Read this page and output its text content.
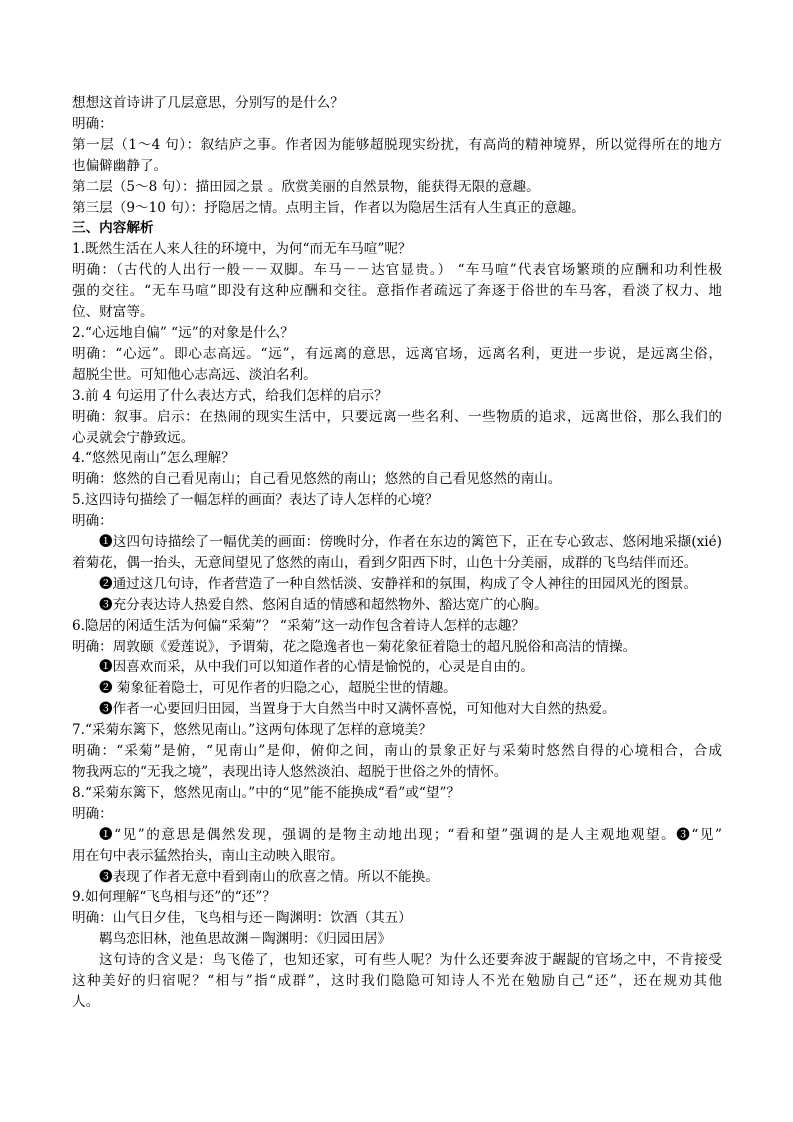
想想这首诗讲了几层意思，分别写的是什么？
明确：
第一层（1～4 句）：叙结庐之事。作者因为能够超脱现实纷扰，有高尚的精神境界，所以觉得所在的地方
也偏僻幽静了。
第二层（5～8 句）：描田园之景 。欣赏美丽的自然景物，能获得无限的意趣。
第三层（9～10 句）：抒隐居之情。点明主旨，作者以为隐居生活有人生真正的意趣。
三、内容解析
1.既然生活在人来人往的环境中，为何“而无车马喧”呢？
明确：（古代的人出行一般－－双脚。车马－－达官显贵。） “车马喧”代表官场繁琐的应酬和功利性极
强的交往。“无车马喧”即没有这种应酬和交往。意指作者疏远了奔逐于俗世的车马客，看淡了权力、地
位、财富等。
2.“心远地自偏” “远”的对象是什么？
明确：“心远”。即心志高远。“远”，有远离的意思，远离官场，远离名利，更进一步说，是远离尘俗，
超脱尘世。可知他心志高远、淡泊名利。
3.前 4 句运用了什么表达方式，给我们怎样的启示？
明确：叙事。启示：在热闹的现实生活中，只要远离一些名利、一些物质的追求，远离世俗，那么我们的
心灵就会宁静致远。
4.“悠然见南山”怎么理解？
明确：悠然的自己看见南山；自己看见悠然的南山；悠然的自己看见悠然的南山。
5.这四诗句描绘了一幅怎样的画面？表达了诗人怎样的心境？
明确：
❶这四句诗描绘了一幅优美的画面：傍晚时分，作者在东边的篱笆下，正在专心致志、悠闲地采撷(xié)
着菊花，偶一抬头，无意间望见了悠然的南山，看到夕阳西下时，山色十分美丽，成群的飞鸟结伴而还。
❷通过这几句诗，作者营造了一种自然恬淡、安静祥和的氛围，构成了令人神往的田园风光的图景。
❸充分表达诗人热爱自然、悠闲自适的情感和超然物外、豁达宽广的心胸。
6.隐居的闲适生活为何偏“采菊”？ “采菊”这一动作包含着诗人怎样的志趣？
明确：周敦颐《爱莲说》，予谓菊，花之隐逸者也－菊花象征着隐士的超凡脱俗和高洁的情操。
❶因喜欢而采，从中我们可以知道作者的心情是愉悦的，心灵是自由的。
❷ 菊象征着隐士，可见作者的归隐之心，超脱尘世的情趣。
❸作者一心要回归田园，当置身于大自然当中时又满怀喜悦，可知他对大自然的热爱。
7.“采菊东篱下，悠然见南山。”这两句体现了怎样的意境美？
明确：“采菊”是俯，“见南山”是仰，俯仰之间，南山的景象正好与采菊时悠然自得的心境相合，合成
物我两忘的“无我之境”，表现出诗人悠然淡泊、超脱于世俗之外的情怀。
8.“采菊东篱下，悠然见南山。”中的“见”能不能换成“看”或“望”？
明确：
❶“见”的意思是偶然发现，强调的是物主动地出现；“看和望”强调的是人主观地观望。❸“见”
用在句中表示猛然抬头，南山主动映入眼帘。
❸表现了作者无意中看到南山的欣喜之情。所以不能换。
9.如何理解“飞鸟相与还”的“还”？
明确：山气日夕佳，飞鸟相与还－陶渊明：饮酒（其五）
羁鸟恋旧林，池鱼思故渊－陶渊明：《归园田居》
这句诗的含义是：鸟飞倦了，也知还家，可有些人呢？为什么还要奔波于龌龊的官场之中，不肯接受
这种美好的归宿呢？“相与”指“成群”，这时我们隐隐可知诗人不光在勉励自己“还”，还在规劝其他
人。
